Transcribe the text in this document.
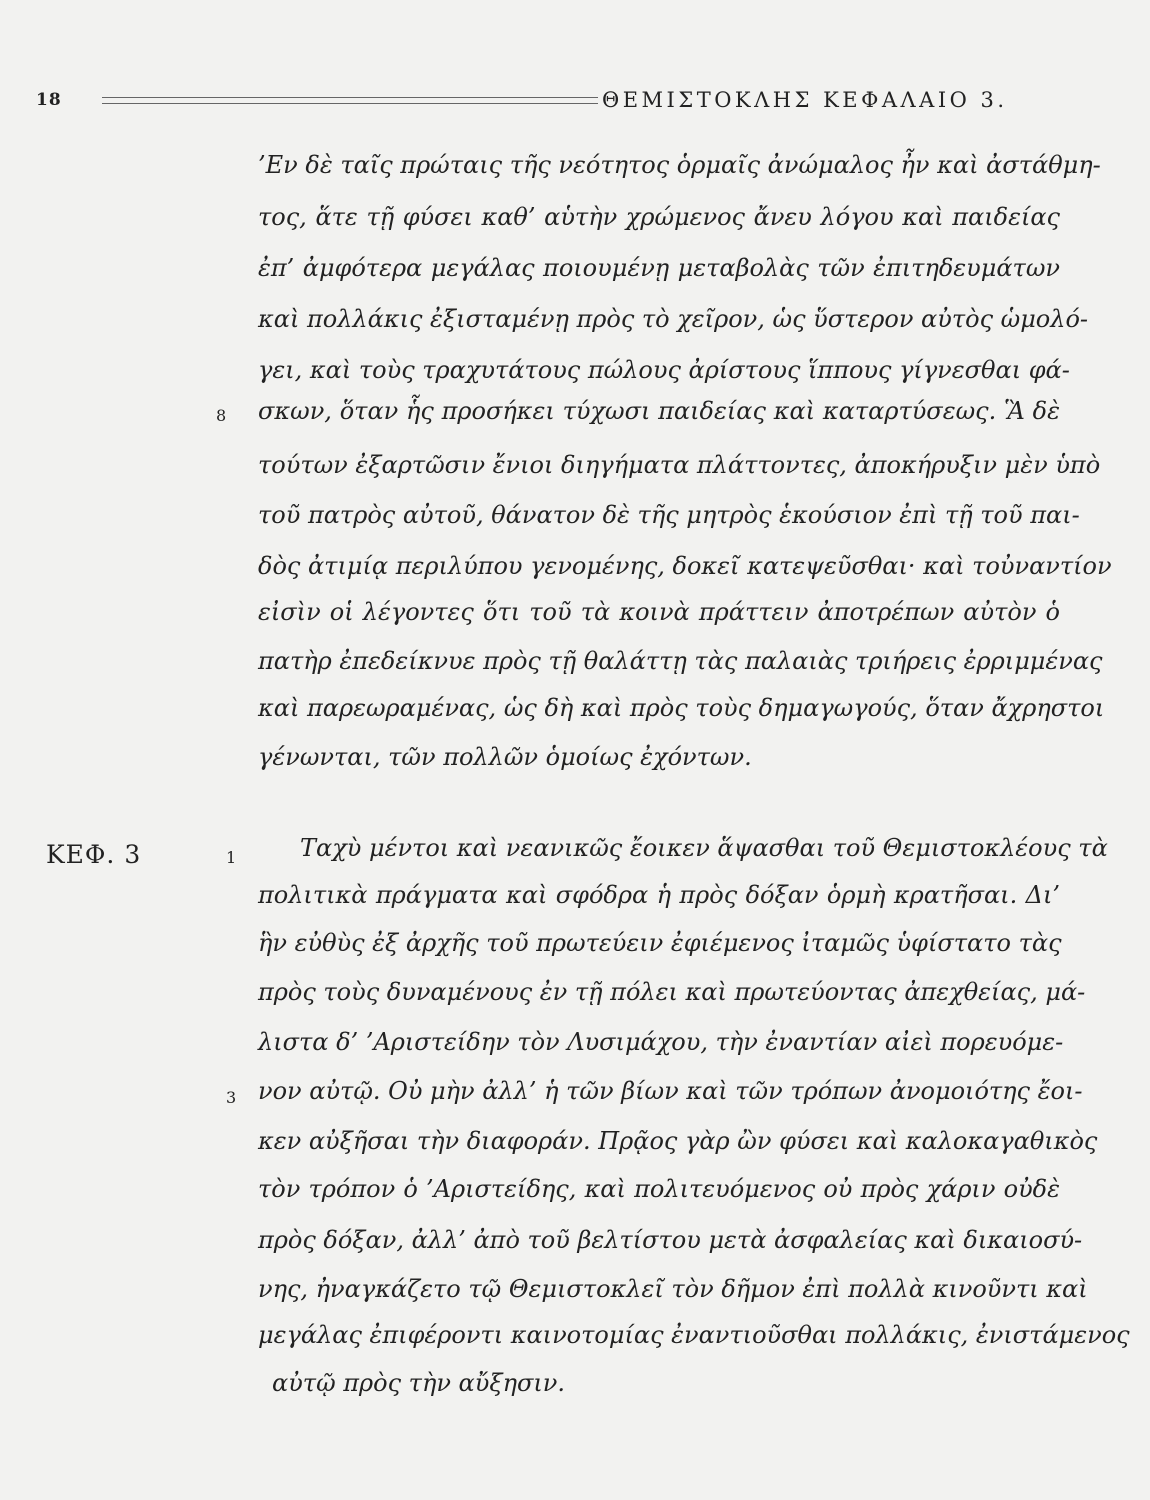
18	ΘΕΜΙΣΤΟΚΛΗΣ ΚΕΦΑΛΑΙΟ 3.
’Εν δὲ ταῖς πρώταις τῆς νεότητος ὁρμαῖς ἀνώμαλος ἦν καὶ ἀστάθμη-
τος, ἅτε τῇ φύσει καθ’ αὑτὴν χρώμενος ἄνευ λόγου καὶ παιδείας
ἐπ’ ἀμφότερα μεγάλας ποιουμένῃ μεταβολὰς τῶν ἐπιτηδευμάτων
καὶ πολλάκις ἐξισταμένῃ πρὸς τὸ χεῖρον, ὡς ὕστερον αὐτὸς ὡμολό-
γει, καὶ τοὺς τραχυτάτους πώλους ἀρίστους ἵππους γίγνεσθαι φά-
σκων, ὅταν ἧς προσήκει τύχωσι παιδείας καὶ καταρτύσεως. Ἃ δὲ
τούτων ἐξαρτῶσιν ἔνιοι διηγήματα πλάττοντες, ἀποκήρυξιν μὲν ὑπὸ
τοῦ πατρὸς αὐτοῦ, θάνατον δὲ τῆς μητρὸς ἑκούσιον ἐπὶ τῇ τοῦ παι-
δὸς ἀτιμίᾳ περιλύπου γενομένης, δοκεῖ κατεψεῦσθαι· καὶ τοὐναντίον
εἰσὶν οἱ λέγοντες ὅτι τοῦ τὰ κοινὰ πράττειν ἀποτρέπων αὐτὸν ὁ
πατὴρ ἐπεδείκνυε πρὸς τῇ θαλάττῃ τὰς παλαιὰς τριήρεις ἐρριμμένας
καὶ παρεωραμένας, ὡς δὴ καὶ πρὸς τοὺς δημαγωγούς, ὅταν ἄχρηστοι
γένωνται, τῶν πολλῶν ὁμοίως ἐχόντων.
8
ΚΕΦ. 3	1	Ταχὺ μέντοι καὶ νεανικῶς ἔοικεν ἅψασθαι τοῦ Θεμιστοκλέους τὰ
πολιτικὰ πράγματα καὶ σφόδρα ἡ πρὸς δόξαν ὁρμὴ κρατῆσαι. Δι’
ἣν εὐθὺς ἐξ ἀρχῆς τοῦ πρωτεύειν ἐφιέμενος ἰταμῶς ὑφίστατο τὰς
πρὸς τοὺς δυναμένους ἐν τῇ πόλει καὶ πρωτεύοντας ἀπεχθείας, μά-
λιστα δ’ ’Αριστείδην τὸν Λυσιμάχου, τὴν ἐναντίαν αἰεὶ πορευόμε-
νον αὐτῷ. Οὐ μὴν ἀλλ’ ἡ τῶν βίων καὶ τῶν τρόπων ἀνομοιότης ἔοι-
κεν αὐξῆσαι τὴν διαφοράν. Πρᾷος γὰρ ὢν φύσει καὶ καλοκαγαθικὸς
τὸν τρόπον ὁ ’Αριστείδης, καὶ πολιτευόμενος οὐ πρὸς χάριν οὐδὲ
πρὸς δόξαν, ἀλλ’ ἀπὸ τοῦ βελτίστου μετὰ ἀσφαλείας καὶ δικαιοσύ-
νης, ἠναγκάζετο τῷ Θεμιστοκλεῖ τὸν δῆμον ἐπὶ πολλὰ κινοῦντι καὶ
μεγάλας ἐπιφέροντι καινοτομίας ἐναντιοῦσθαι πολλάκις, ἐνιστάμενος
αὐτῷ πρὸς τὴν αὔξησιν.
3
